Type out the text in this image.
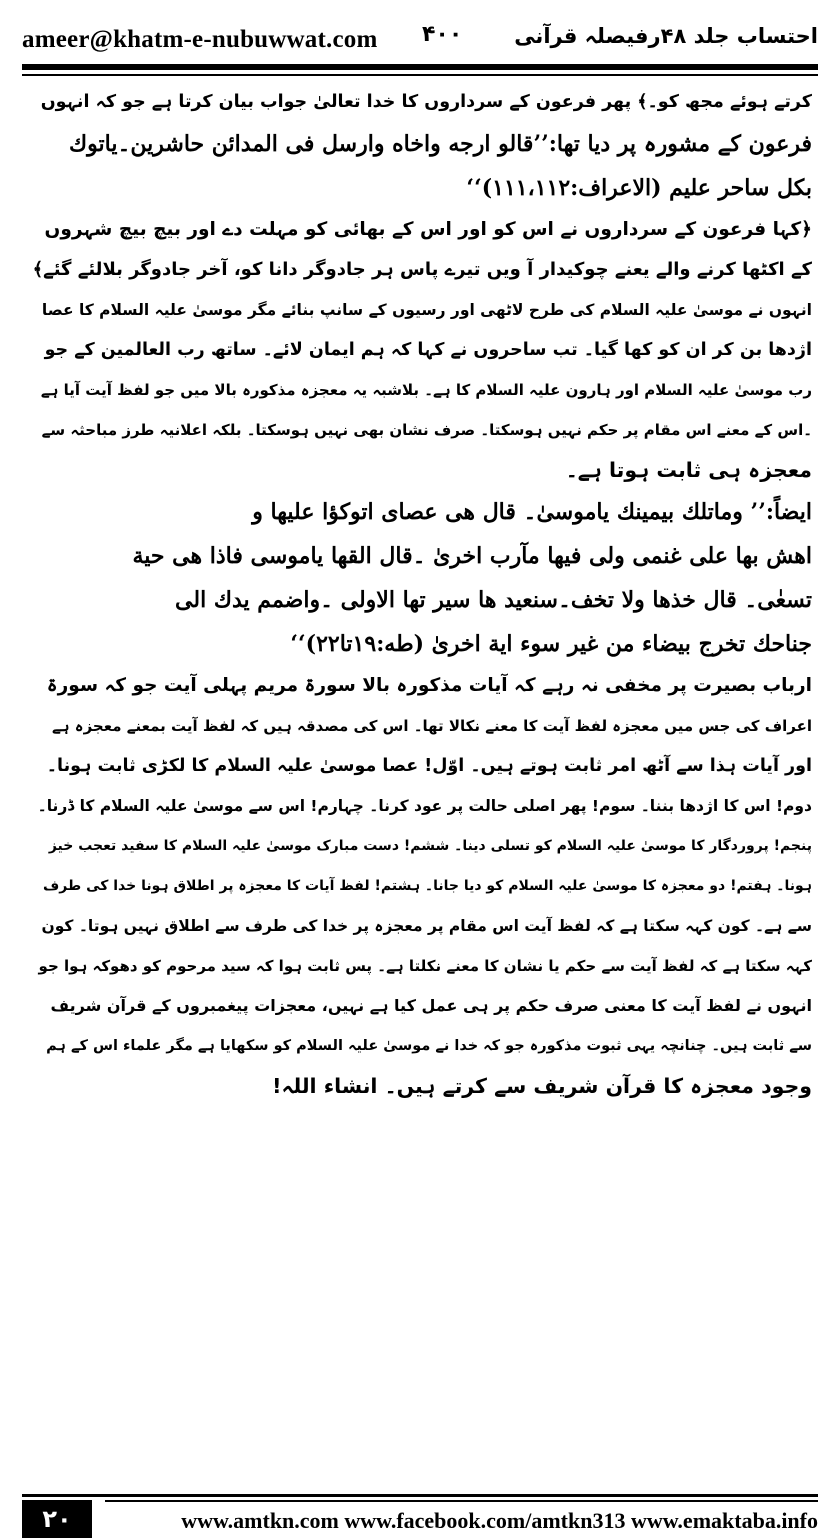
ameer@khatm-e-nubuwwat.com ۴۰۰ احتساب جلد ۴۸رفیصلہ قرآنی
کرتے ہوئے مجھ کو۔﴾ پھر فرعون کے سرداروں کا خدا تعالیٰ جواب بیان کرتا ہے جو کہ انہوں
فرعون کے مشورہ پر دیا تھا:’’قالو ارجه واخاه وارسل فى المدائن حاشرين۔ياتوك
بكل ساحر عليم (الاعراف:۱۱۱،۱۱۲)‘‘
﴿کہا فرعون کے سرداروں نے اس کو اور اس کے بھائی کو مہلت دے اور بیچ بیچ شہروں
کے اکٹھا کرنے والے یعنے چوکیدار آ ویں تیرے پاس ہر جادوگر دانا کو، آخر جادوگر بلالئے گئے﴾
انہوں نے موسیٰ علیہ السلام کی طرح لاٹھی اور رسیوں کے سانپ بنائے مگر موسیٰ علیہ السلام کا عصا
اژدھا بن کر ان کو کھا گیا۔ تب ساحروں نے کہا کہ ہم ایمان لائے۔ ساتھ رب العالمین کے جو
رب موسیٰ علیہ السلام اور ہارون علیہ السلام کا ہے۔ بلاشبہ یہ معجزہ مذکورہ بالا میں جو لفظ آیت آیا ہے
۔اس کے معنے اس مقام پر حکم نہیں ہوسکتا۔ صرف نشان بھی نہیں ہوسکتا۔ بلکہ اعلانیہ طرز مباحثہ سے
معجزہ ہی ثابت ہوتا ہے۔
ایضاً:’’ وماتلك بيمينك ياموسىٰ۔ قال هى عصاى اتوكؤا عليها و
اهش بها على غنمى ولى فيها مآرب اخرىٰ ۔قال القها ياموسى فاذا هى حية
تسعٰى۔ قال خذها ولا تخف۔سنعيد ها سير تها الاولى ۔واضمم يدك الى
جناحك تخرج بيضاء من غير سوء اية اخرىٰ (طه:۱۹تا۲۲)‘‘
ارباب بصیرت پر مخفی نہ رہے کہ آیات مذکورہ بالا سورۃ مریم پہلی آیت جو کہ سورۃ
اعراف کی جس میں معجزہ لفظ آیت کا معنے نکالا تھا۔ اس کی مصدقہ ہیں کہ لفظ آیت بمعنے معجزہ ہے
اور آیات ہذا سے آٹھ امر ثابت ہوتے ہیں۔ اوّل! عصا موسیٰ علیہ السلام کا لکڑی ثابت ہونا۔
دوم! اس کا اژدھا بننا۔ سوم! پھر اصلی حالت پر عود کرنا۔ چہارم! اس سے موسیٰ علیہ السلام کا ڈرنا۔
پنجم! پروردگار کا موسیٰ علیہ السلام کو تسلی دینا۔ ششم! دست مبارک موسیٰ علیہ السلام کا سفید تعجب خیز
ہونا۔ ہفتم! دو معجزہ کا موسیٰ علیہ السلام کو دیا جانا۔ ہشتم! لفظ آیات کا معجزہ پر اطلاق ہونا خدا کی طرف
سے ہے۔ کون کہہ سکتا ہے کہ لفظ آیت اس مقام پر معجزہ پر خدا کی طرف سے اطلاق نہیں ہوتا۔ کون
کہہ سکتا ہے کہ لفظ آیت سے حکم یا نشان کا معنے نکلتا ہے۔ پس ثابت ہوا کہ سید مرحوم کو دھوکہ ہوا جو
انہوں نے لفظ آیت کا معنی صرف حکم پر ہی عمل کیا ہے نہیں، معجزات پیغمبروں کے قرآن شریف
سے ثابت ہیں۔ چنانچہ یہی ثبوت مذکورہ جو کہ خدا نے موسیٰ علیہ السلام کو سکھایا ہے مگر علماء اس کے ہم
وجود معجزہ کا قرآن شریف سے کرتے ہیں۔ انشاء اللہ!
۲۰	www.amtkn.com www.facebook.com/amtkn313 www.emaktaba.info
